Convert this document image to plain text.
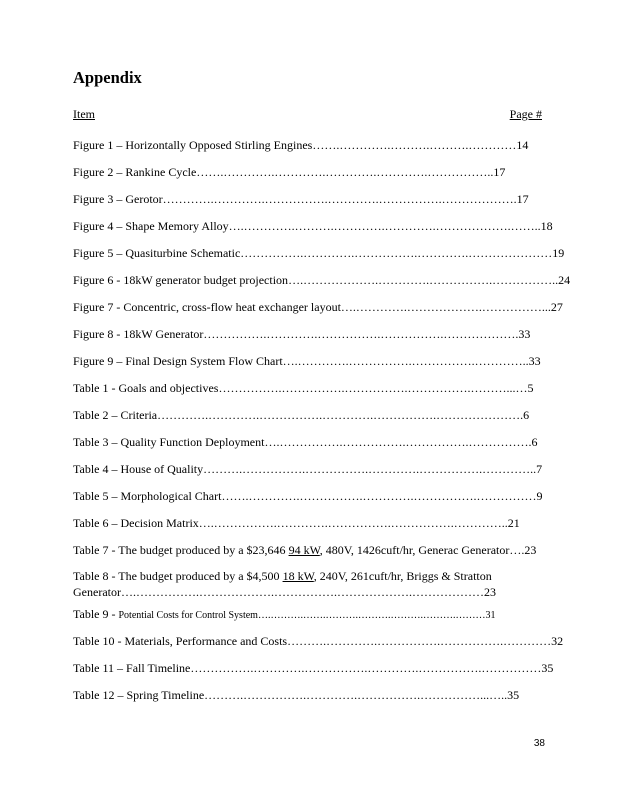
Appendix
Item	Page #
Figure 1 – Horizontally Opposed Stirling Engines…….………….……….……….…………14
Figure 2 – Rankine Cycle…….………….………….………….………….……………..17
Figure 3 – Gerotor………….………….…………….………….…………….……………….17
Figure 4 – Shape Memory Alloy….………….……….………….………….……………….……..18
Figure 5 – Quasiturbine Schematic…………….………….…………….………….…………………19
Figure 6 - 18kW generator budget projection….……………….………….…………….……………..24
Figure 7 - Concentric, cross-flow heat exchanger layout….………….……………….……………...27
Figure 8 - 18kW Generator…………….………….…………….…………….……………….33
Figure 9 – Final Design System Flow Chart….………….…………….…………….…………..33
Table 1 - Goals and objectives…………….…………….…………….…………….………...…5
Table 2 – Criteria………….………….…………….………….…………….………………….6
Table 3 – Quality Function Deployment….…………….…………….…………….…………….6
Table 4 – House of Quality……….…………….…………….………….…………….…………..7
Table 5 – Morphological Chart…….………….…………….………….…………….……………9
Table 6 – Decision Matrix….…………….………….…………….…………….…………..21
Table 7 - The budget produced by a $23,646 94 kW, 480V, 1426cuft/hr, Generac Generator….23
Table 8 - The budget produced by a $4,500 18 kW, 240V, 261cuft/hr, Briggs & Stratton
Generator….…………….……………….…………….……………….………………23
Table 9 - Potential Costs for Control System….……….…….……….……….……….……….………31
Table 10 - Materials, Performance and Costs……….………….…………….…………….…………32
Table 11 – Fall Timeline…………….………….…………….………….…………….……………35
Table 12 – Spring Timeline……….…………….………….…………….……………...…..35
38
